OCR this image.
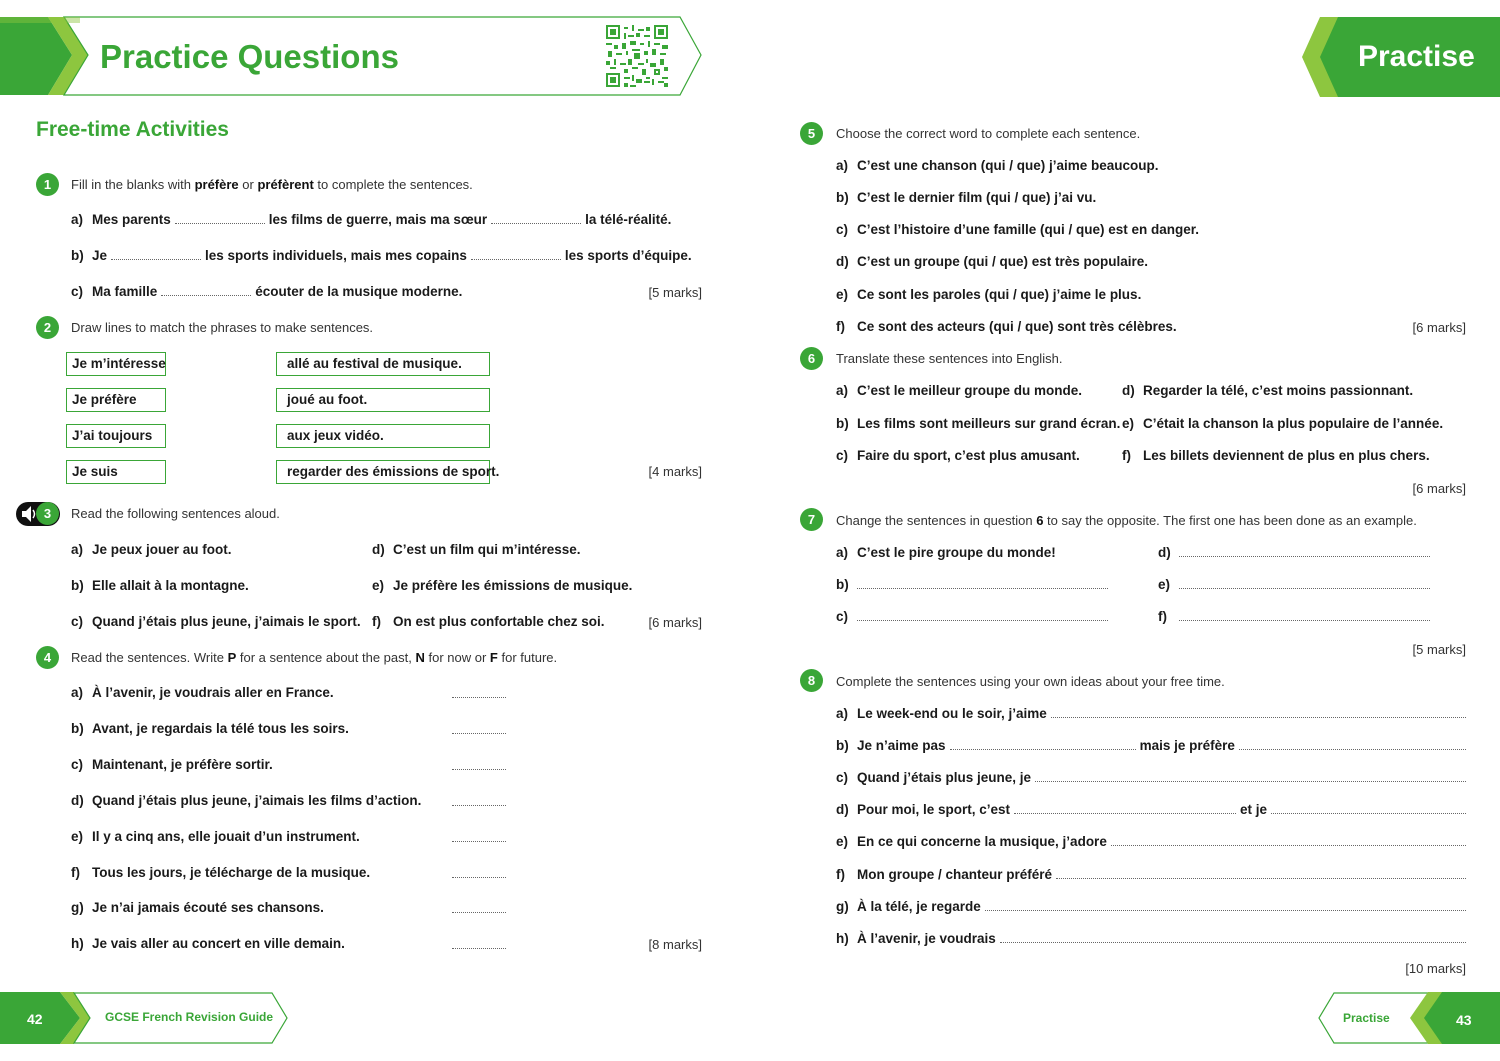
Practice Questions	Practise
Free-time Activities
1	Fill in the blanks with préfère or préfèrent to complete the sentences.
a) Mes parents	les films de guerre, mais ma sœur	la télé-réalité.
b) Je	les sports individuels, mais mes copains	les sports d’équipe.
c) Ma famille	écouter de la musique moderne.	[5 marks]
2	Draw lines to match the phrases to make sentences.
Je m’intéresse
Je préfère
J’ai toujours
Je suis
allé au festival de musique.
joué au foot.
aux jeux vidéo.
regarder des émissions de sport.	[4 marks]
3	Read the following sentences aloud.
a) Je peux jouer au foot.
b) Elle allait à la montagne.
c) Quand j’étais plus jeune, j’aimais le sport.
d) C’est un film qui m’intéresse.
e) Je préfère les émissions de musique.
f) On est plus confortable chez soi.	[6 marks]
4	Read the sentences. Write P for a sentence about the past, N for now or F for future.
a) À l’avenir, je voudrais aller en France.
b) Avant, je regardais la télé tous les soirs.
c) Maintenant, je préfère sortir.
d) Quand j’étais plus jeune, j’aimais les films d’action.
e) Il y a cinq ans, elle jouait d’un instrument.
f) Tous les jours, je télécharge de la musique.
g) Je n’ai jamais écouté ses chansons.
h) Je vais aller au concert en ville demain.	[8 marks]
5	Choose the correct word to complete each sentence.
a) C’est une chanson (qui / que) j’aime beaucoup.
b) C’est le dernier film (qui / que) j’ai vu.
c) C’est l’histoire d’une famille (qui / que) est en danger.
d) C’est un groupe (qui / que) est très populaire.
e) Ce sont les paroles (qui / que) j’aime le plus.
f) Ce sont des acteurs (qui / que) sont très célèbres.	[6 marks]
6	Translate these sentences into English.
a) C’est le meilleur groupe du monde.
b) Les films sont meilleurs sur grand écran.
c) Faire du sport, c’est plus amusant.
d) Regarder la télé, c’est moins passionnant.
e) C’était la chanson la plus populaire de l’année.
f) Les billets deviennent de plus en plus chers.
[6 marks]
7	Change the sentences in question 6 to say the opposite. The first one has been done as an example.
a) C’est le pire groupe du monde!
b)
c)
d)
e)
f)
[5 marks]
8	Complete the sentences using your own ideas about your free time.
a) Le week-end ou le soir, j’aime
b) Je n’aime pas	mais je préfère
c) Quand j’étais plus jeune, je
d) Pour moi, le sport, c’est	et je
e) En ce qui concerne la musique, j’adore
f) Mon groupe / chanteur préféré
g) À la télé, je regarde
h) À l’avenir, je voudrais
[10 marks]
42	GCSE French Revision Guide	Practise	43
